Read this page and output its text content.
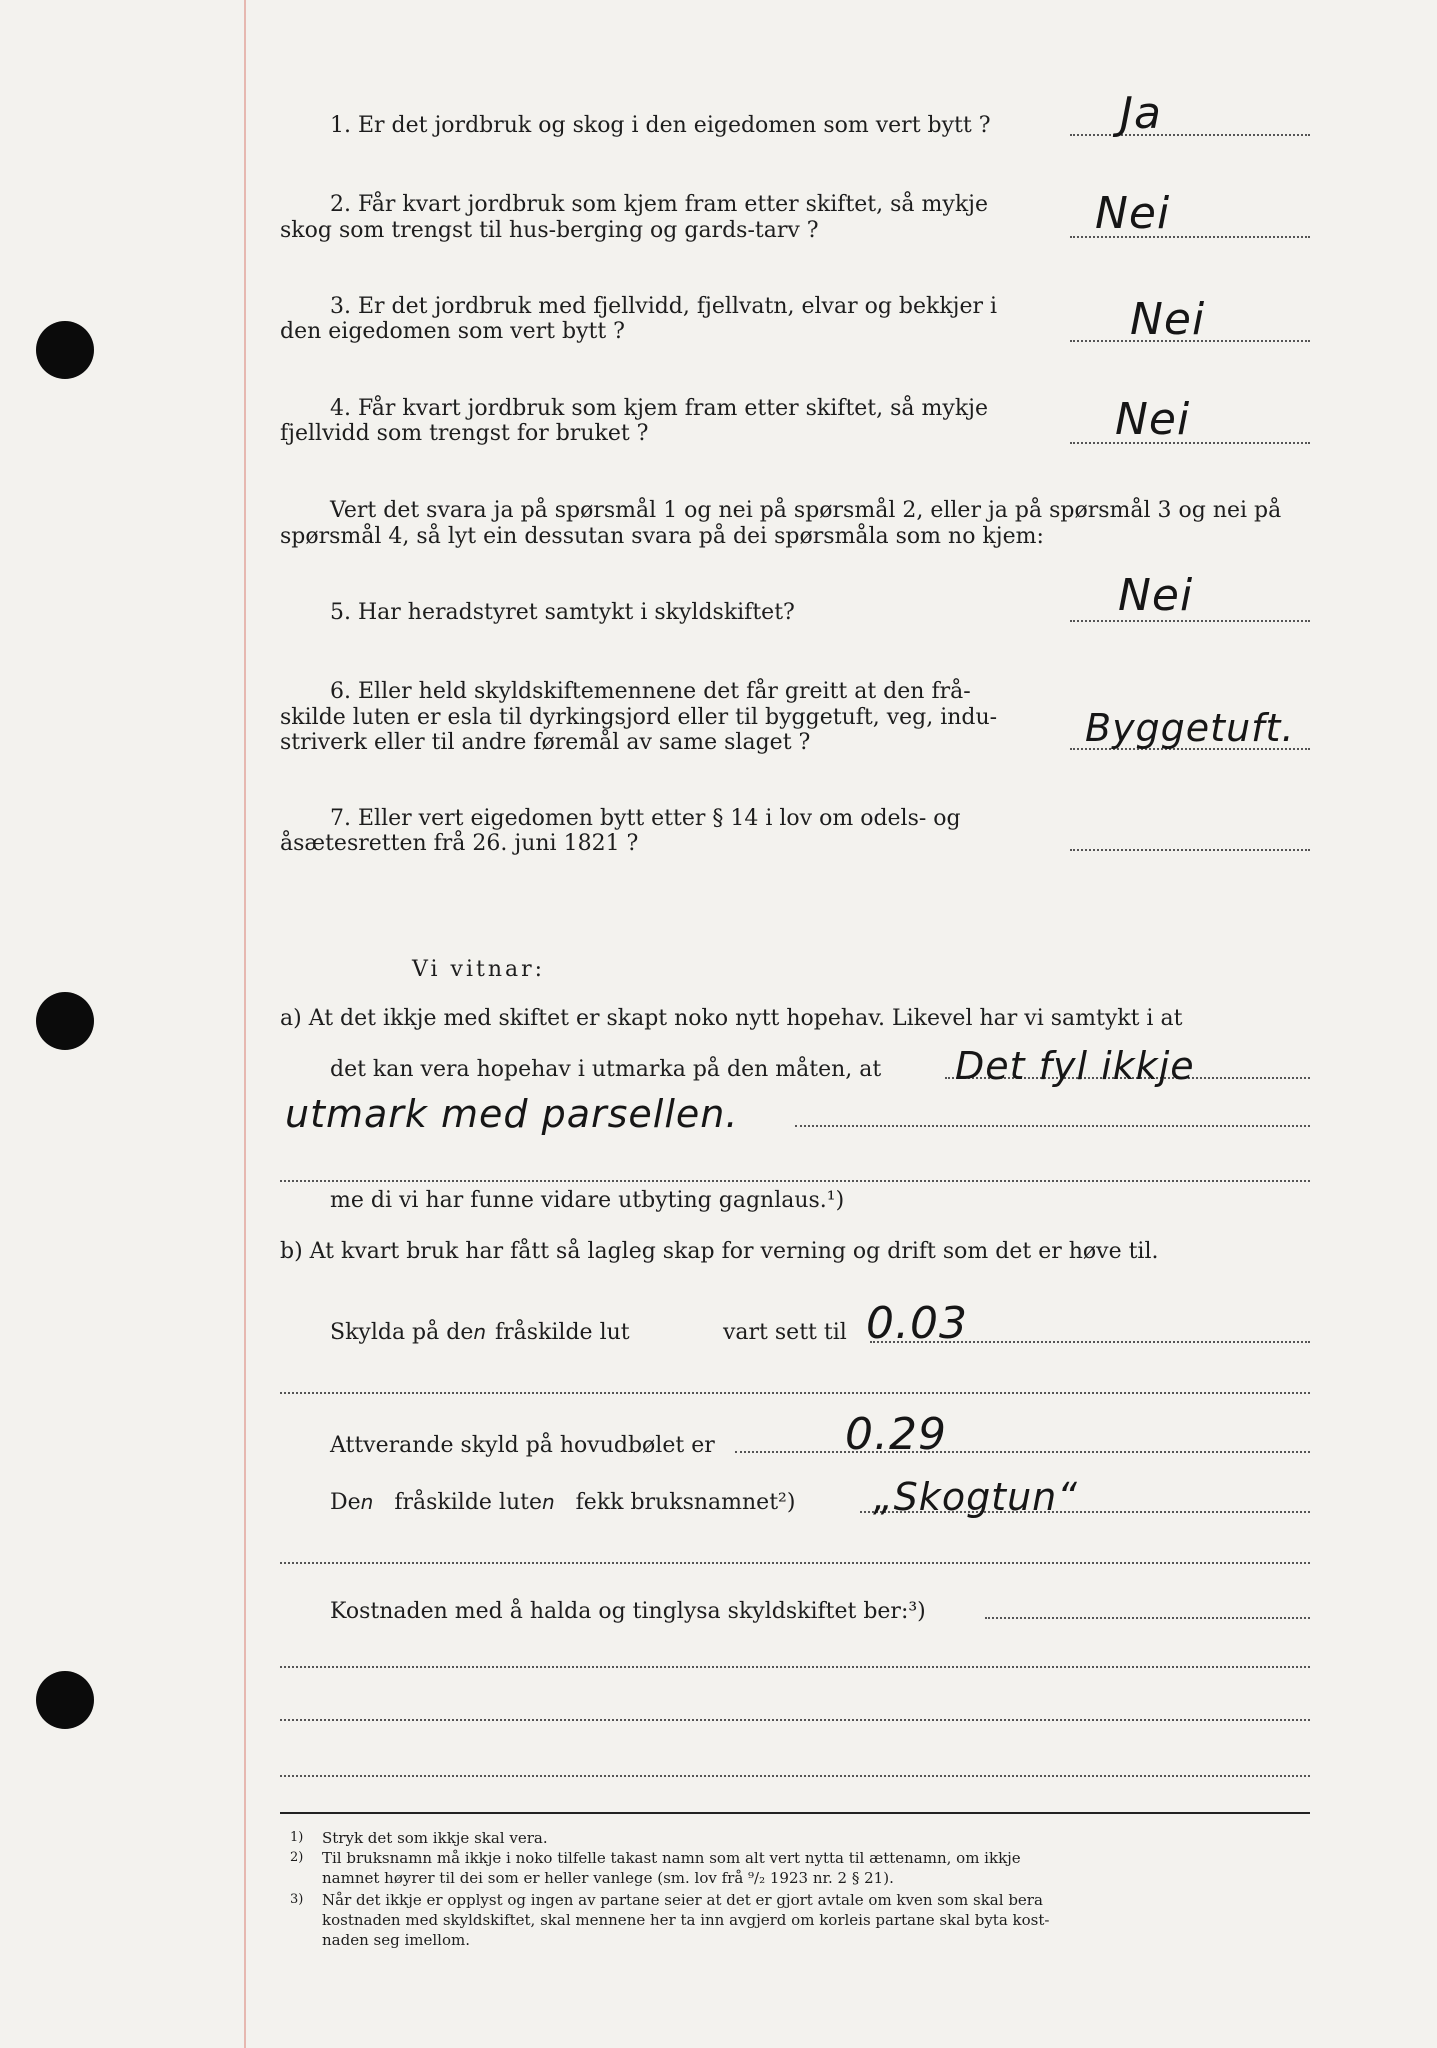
1. Er det jordbruk og skog i den eigedomen som vert bytt ?	Ja
2. Får kvart jordbruk som kjem fram etter skiftet, så mykje
skog som trengst til hus-berging og gards-tarv ?	Nei
3. Er det jordbruk med fjellvidd, fjellvatn, elvar og bekkjer i
den eigedomen som vert bytt ?	Nei
4. Får kvart jordbruk som kjem fram etter skiftet, så mykje
fjellvidd som trengst for bruket ?	Nei
Vert det svara ja på spørsmål 1 og nei på spørsmål 2, eller ja på spørsmål 3 og nei på
spørsmål 4, så lyt ein dessutan svara på dei spørsmåla som no kjem:
5. Har heradstyret samtykt i skyldskiftet?	Nei
6. Eller held skyldskiftemennene det får greitt at den frå-
skilde luten er esla til dyrkingsjord eller til byggetuft, veg, indu-
striverk eller til andre føremål av same slaget ?	Byggetuft.
7. Eller vert eigedomen bytt etter § 14 i lov om odels- og
åsætesretten frå 26. juni 1821 ?
Vi vitnar:
a) At det ikkje med skiftet er skapt noko nytt hopehav. Likevel har vi samtykt i at
det kan vera hopehav i utmarka på den måten, at Det fyl ikkje
utmark med parsellen.
me di vi har funne vidare utbyting gagnlaus.¹)
b) At kvart bruk har fått så lagleg skap for verning og drift som det er høve til.
Skylda på den fråskilde lut	vart sett til 0.03
Attverande skyld på hovudbølet er	0.29
Den fråskilde luten fekk bruksnamnet²) „Skogtun“
Kostnaden med å halda og tinglysa skyldskiftet ber:³)
1) Stryk det som ikkje skal vera.
2) Til bruksnamn må ikkje i noko tilfelle takast namn som alt vert nytta til ættenamn, om ikkje
namnet høyrer til dei som er heller vanlege (sm. lov frå ⁹/₂ 1923 nr. 2 § 21).
3) Når det ikkje er opplyst og ingen av partane seier at det er gjort avtale om kven som skal bera
kostnaden med skyldskiftet, skal mennene her ta inn avgjerd om korleis partane skal byta kost-
naden seg imellom.
